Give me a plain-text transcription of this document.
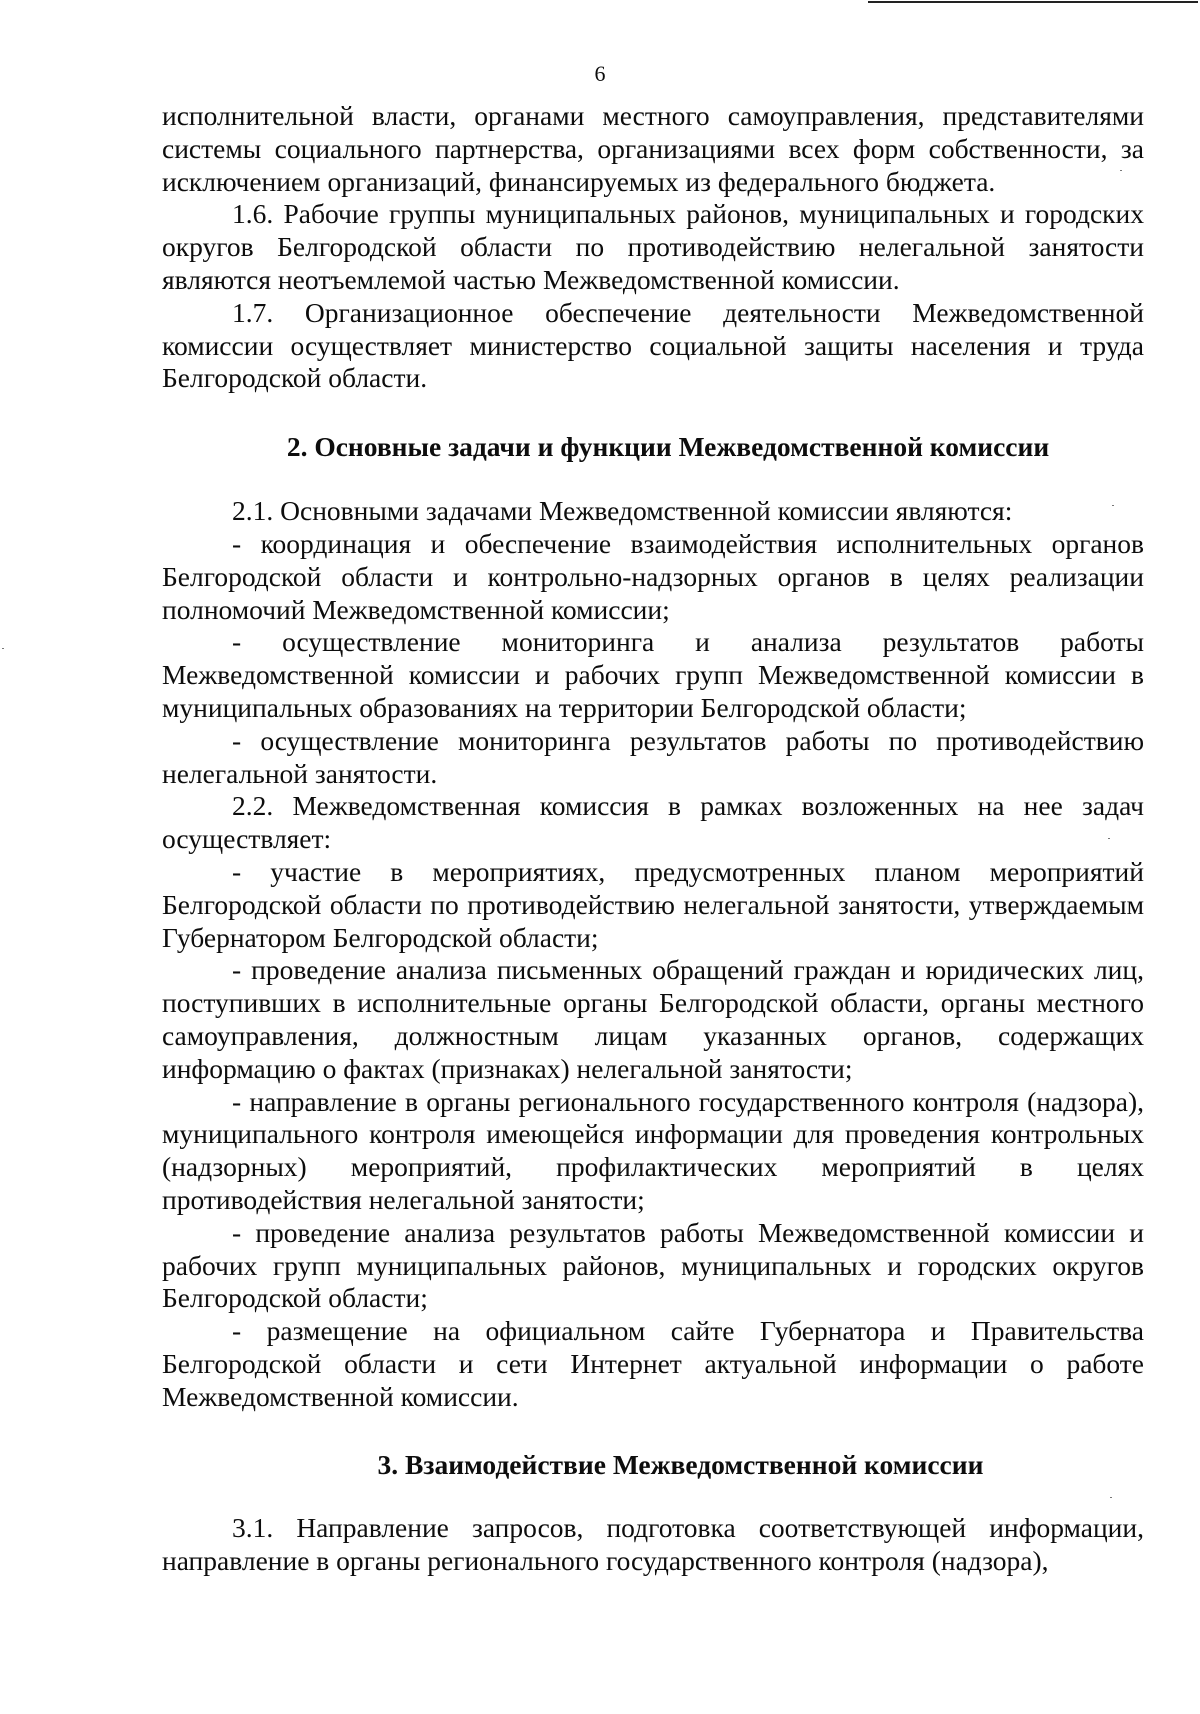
6

исполнительной власти, органами местного самоуправления, представителями системы социального партнерства, организациями всех форм собственности, за исключением организаций, финансируемых из федерального бюджета.

1.6. Рабочие группы муниципальных районов, муниципальных и городских округов Белгородской области по противодействию нелегальной занятости являются неотъемлемой частью Межведомственной комиссии.

1.7. Организационное обеспечение деятельности Межведомственной комиссии осуществляет министерство социальной защиты населения и труда Белгородской области.

2. Основные задачи и функции Межведомственной комиссии

2.1. Основными задачами Межведомственной комиссии являются:

- координация и обеспечение взаимодействия исполнительных органов Белгородской области и контрольно-надзорных органов в целях реализации полномочий Межведомственной комиссии;

- осуществление мониторинга и анализа результатов работы Межведомственной комиссии и рабочих групп Межведомственной комиссии в муниципальных образованиях на территории Белгородской области;

- осуществление мониторинга результатов работы по противодействию нелегальной занятости.

2.2. Межведомственная комиссия в рамках возложенных на нее задач осуществляет:

- участие в мероприятиях, предусмотренных планом мероприятий Белгородской области по противодействию нелегальной занятости, утверждаемым Губернатором Белгородской области;

- проведение анализа письменных обращений граждан и юридических лиц, поступивших в исполнительные органы Белгородской области, органы местного самоуправления, должностным лицам указанных органов, содержащих информацию о фактах (признаках) нелегальной занятости;

- направление в органы регионального государственного контроля (надзора), муниципального контроля имеющейся информации для проведения контрольных (надзорных) мероприятий, профилактических мероприятий в целях противодействия нелегальной занятости;

- проведение анализа результатов работы Межведомственной комиссии и рабочих групп муниципальных районов, муниципальных и городских округов Белгородской области;

- размещение на официальном сайте Губернатора и Правительства Белгородской области и сети Интернет актуальной информации о работе Межведомственной комиссии.

3. Взаимодействие Межведомственной комиссии

3.1. Направление запросов, подготовка соответствующей информации, направление в органы регионального государственного контроля (надзора),
